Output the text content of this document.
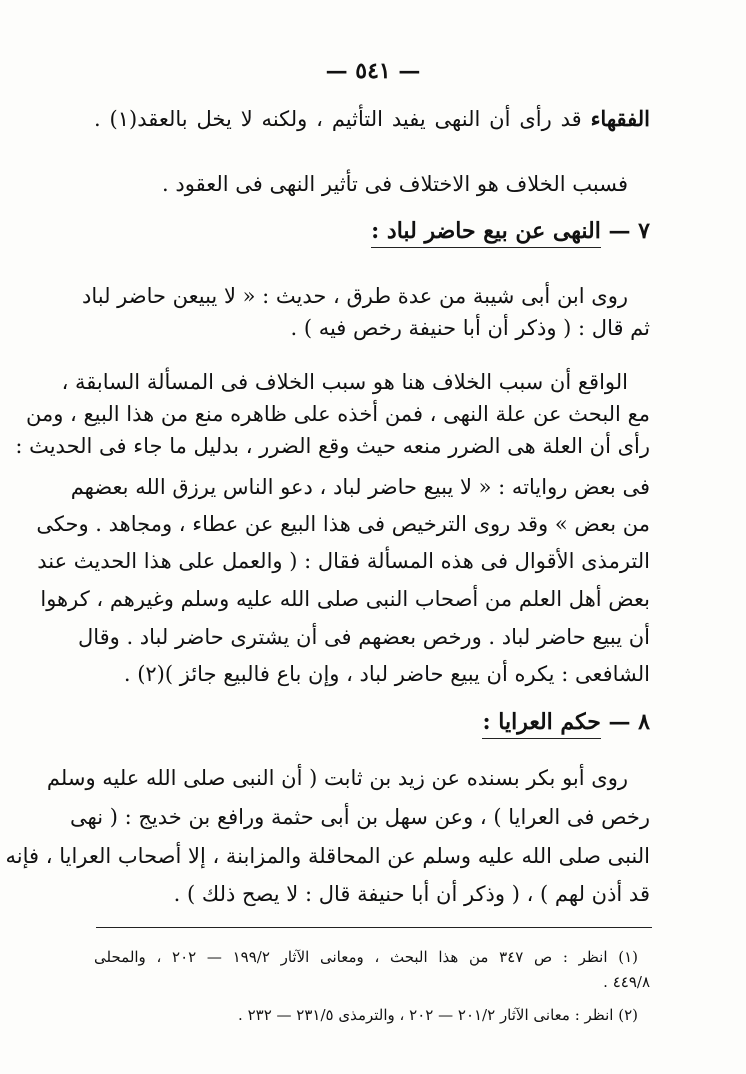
— ٥٤١ —
الفقهاء قد رأى أن النهى يفيد التأثيم ، ولكنه لا يخل بالعقد(١) .
فسبب الخلاف هو الاختلاف فى تأثير النهى فى العقود .
٧ — النهى عن بيع حاضر لباد :
روى ابن أبى شيبة من عدة طرق ، حديث : « لا يبيعن حاضر لباد
ثم قال : ( وذكر أن أبا حنيفة رخص فيه ) .
الواقع أن سبب الخلاف هنا هو سبب الخلاف فى المسألة السابقة ،
مع البحث عن علة النهى ، فمن أخذه على ظاهره منع من هذا البيع ، ومن
رأى أن العلة هى الضرر منعه حيث وقع الضرر ، بدليل ما جاء فى الحديث :
فى بعض رواياته : « لا يبيع حاضر لباد ، دعو الناس يرزق الله بعضهم
من بعض » وقد روى الترخيص فى هذا البيع عن عطاء ، ومجاهد . وحكى
الترمذى الأقوال فى هذه المسألة فقال : ( والعمل على هذا الحديث عند
بعض أهل العلم من أصحاب النبى صلى الله عليه وسلم وغيرهم ، كرهوا
أن يبيع حاضر لباد . ورخص بعضهم فى أن يشترى حاضر لباد . وقال
الشافعى : يكره أن يبيع حاضر لباد ، وإن باع فالبيع جائز )(٢) .
٨ — حكم العرايا :
روى أبو بكر بسنده عن زيد بن ثابت ( أن النبى صلى الله عليه وسلم
رخص فى العرايا ) ، وعن سهل بن أبى حثمة ورافع بن خديج : ( نهى
النبى صلى الله عليه وسلم عن المحاقلة والمزابنة ، إلا أصحاب العرايا ، فإنه
قد أذن لهم ) ، ( وذكر أن أبا حنيفة قال : لا يصح ذلك ) .
(١) انظر : ص ٣٤٧ من هذا البحث ، ومعانى الآثار ١٩٩/٢ — ٢٠٢ ، والمحلى
٤٤٩/٨ .
(٢) انظر : معانى الآثار ٢٠١/٢ — ٢٠٢ ، والترمذى ٢٣١/٥ — ٢٣٢ .
